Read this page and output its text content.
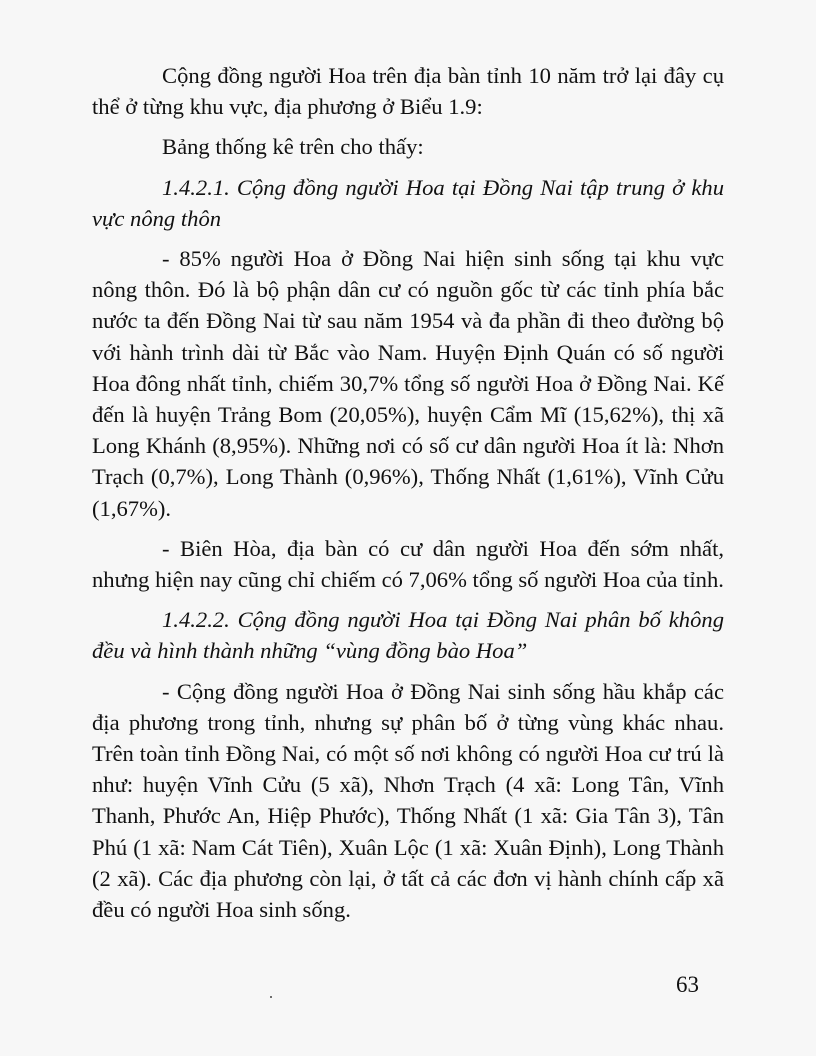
Cộng đồng người Hoa trên địa bàn tỉnh 10 năm trở lại đây cụ thể ở từng khu vực, địa phương ở Biểu 1.9:

Bảng thống kê trên cho thấy:

1.4.2.1. Cộng đồng người Hoa tại Đồng Nai tập trung ở khu vực nông thôn

- 85% người Hoa ở Đồng Nai hiện sinh sống tại khu vực nông thôn. Đó là bộ phận dân cư có nguồn gốc từ các tỉnh phía bắc nước ta đến Đồng Nai từ sau năm 1954 và đa phần đi theo đường bộ với hành trình dài từ Bắc vào Nam. Huyện Định Quán có số người Hoa đông nhất tỉnh, chiếm 30,7% tổng số người Hoa ở Đồng Nai. Kế đến là huyện Trảng Bom (20,05%), huyện Cẩm Mĩ (15,62%), thị xã Long Khánh (8,95%). Những nơi có số cư dân người Hoa ít là: Nhơn Trạch (0,7%), Long Thành (0,96%), Thống Nhất (1,61%), Vĩnh Cửu (1,67%).

- Biên Hòa, địa bàn có cư dân người Hoa đến sớm nhất, nhưng hiện nay cũng chỉ chiếm có 7,06% tổng số người Hoa của tỉnh.

1.4.2.2. Cộng đồng người Hoa tại Đồng Nai phân bố không đều và hình thành những “vùng đồng bào Hoa”

- Cộng đồng người Hoa ở Đồng Nai sinh sống hầu khắp các địa phương trong tỉnh, nhưng sự phân bố ở từng vùng khác nhau. Trên toàn tỉnh Đồng Nai, có một số nơi không có người Hoa cư trú là như: huyện Vĩnh Cửu (5 xã), Nhơn Trạch (4 xã: Long Tân, Vĩnh Thanh, Phước An, Hiệp Phước), Thống Nhất (1 xã: Gia Tân 3), Tân Phú (1 xã: Nam Cát Tiên), Xuân Lộc (1 xã: Xuân Định), Long Thành (2 xã). Các địa phương còn lại, ở tất cả các đơn vị hành chính cấp xã đều có người Hoa sinh sống.

63
